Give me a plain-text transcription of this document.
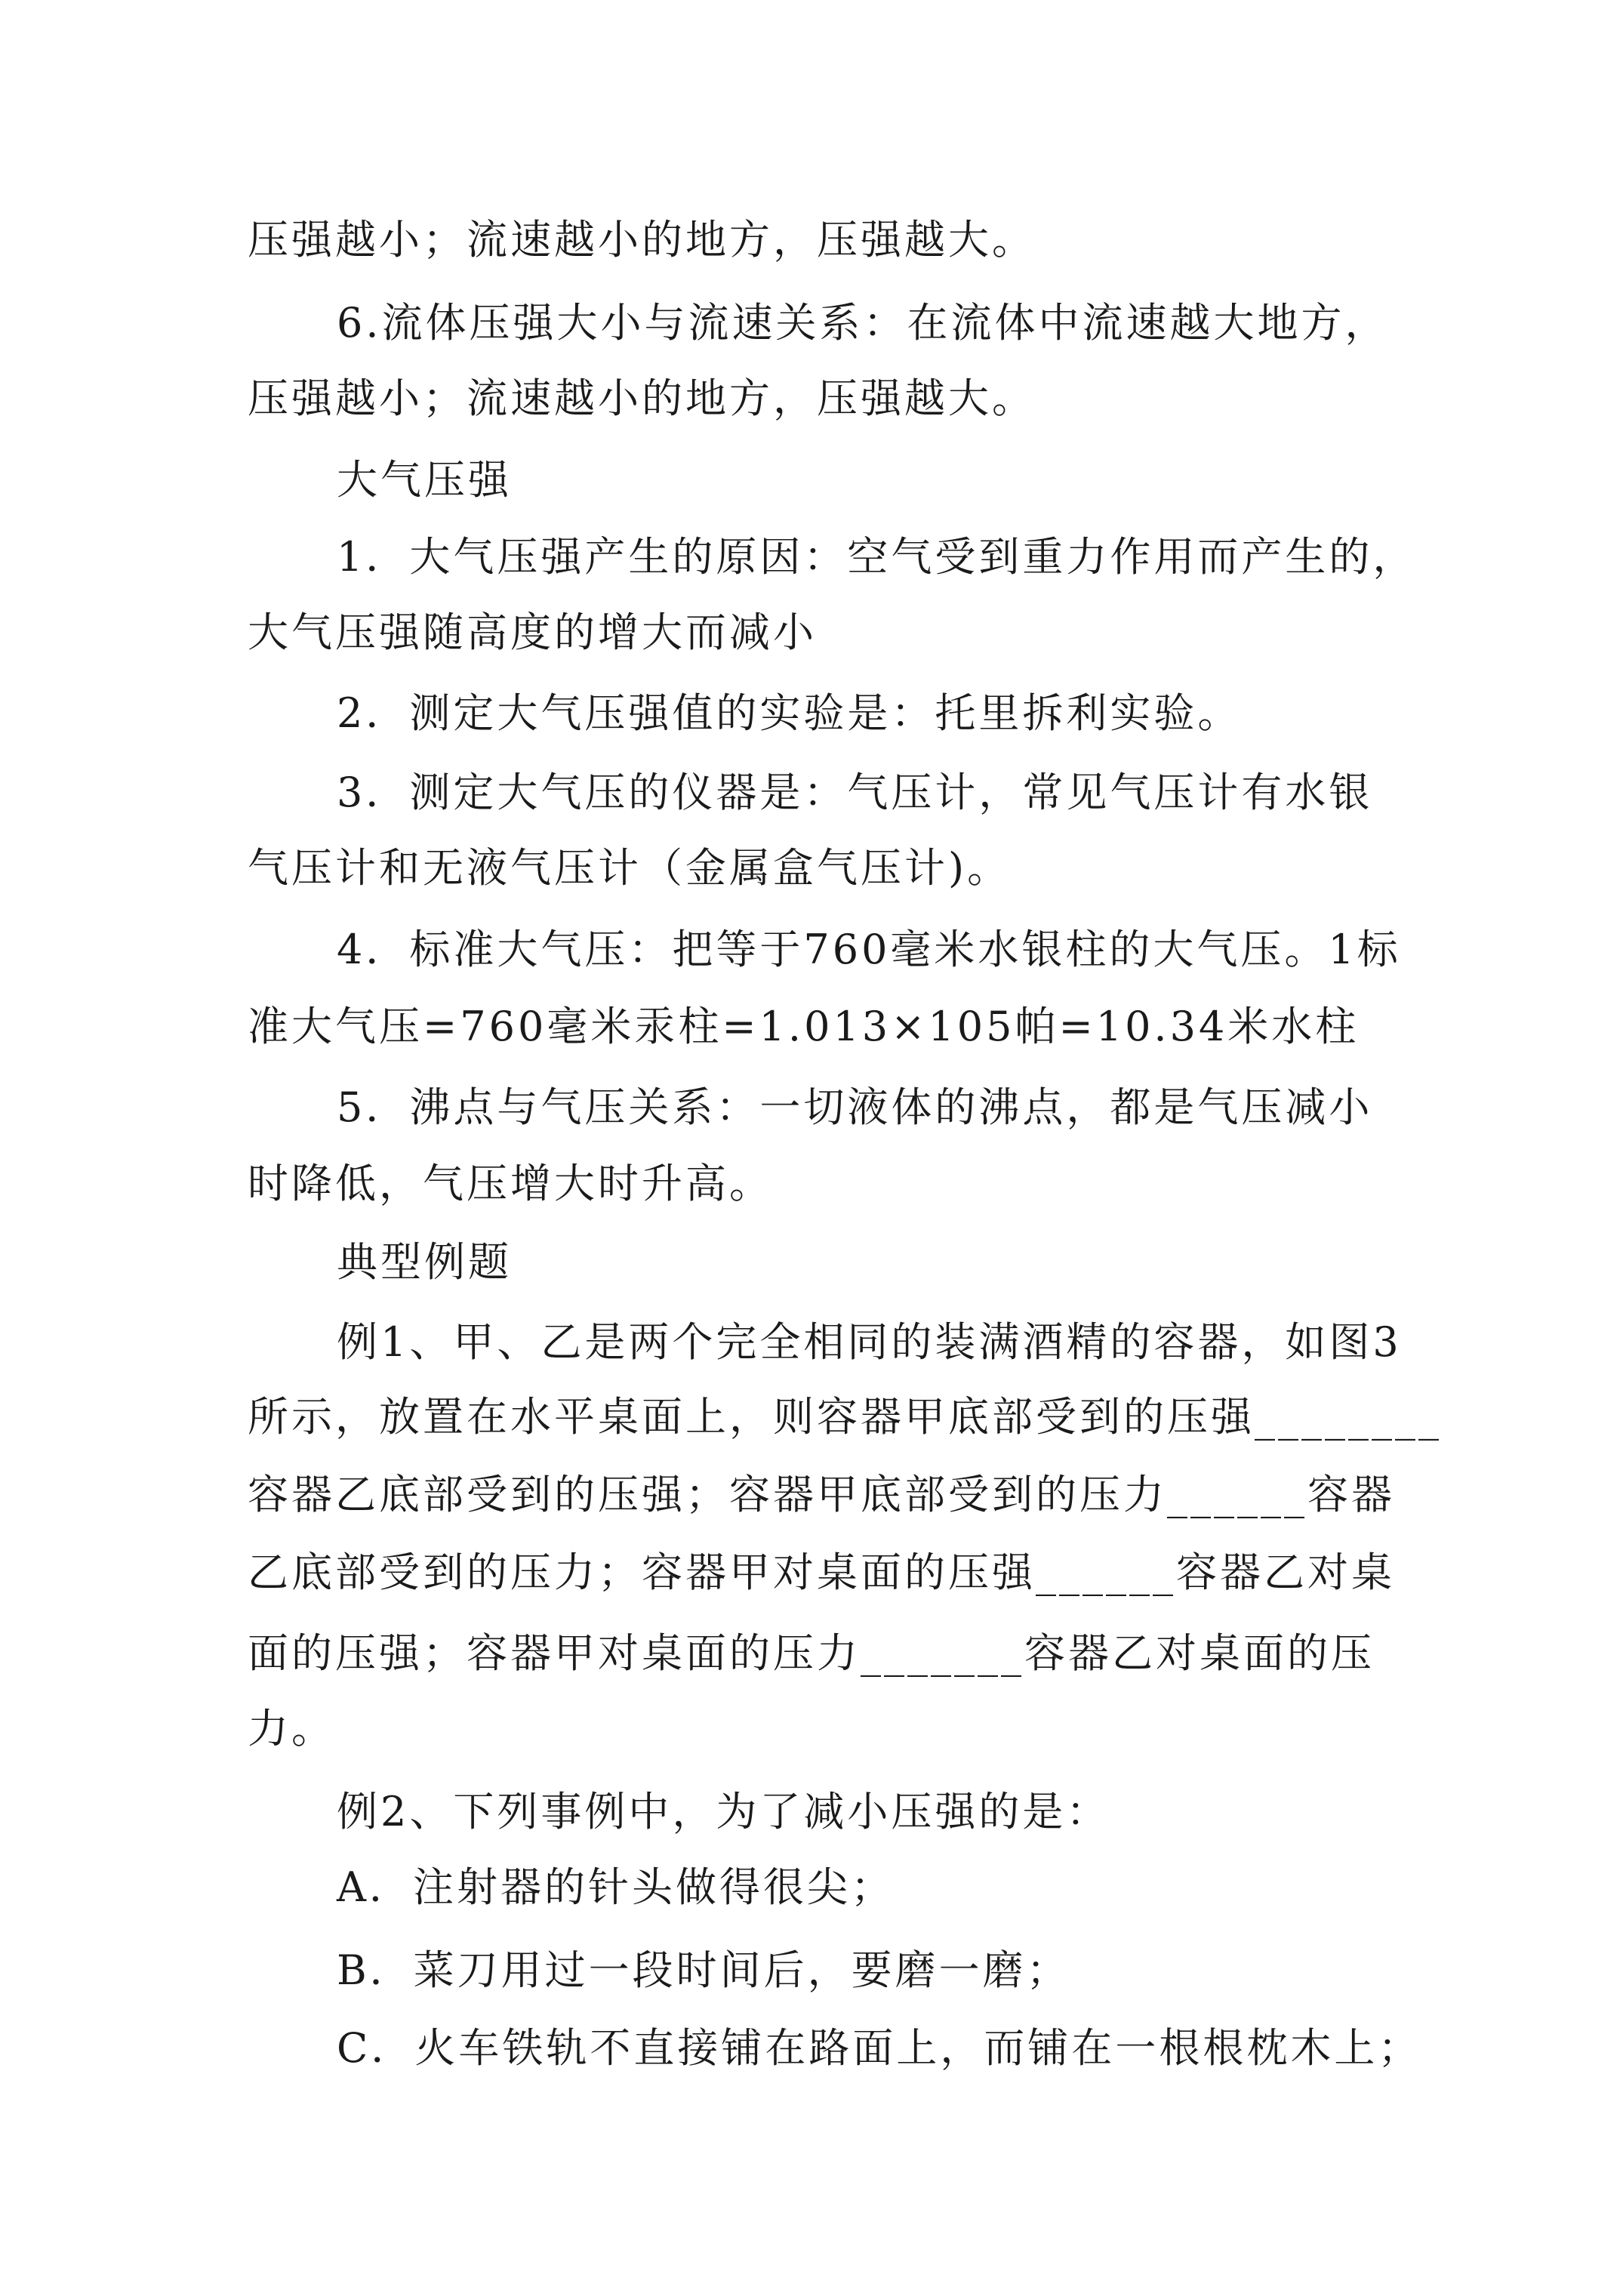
压强越小；流速越小的地方，压强越大。
6.流体压强大小与流速关系：在流体中流速越大地方，
压强越小；流速越小的地方，压强越大。
大气压强
1．大气压强产生的原因：空气受到重力作用而产生的，
大气压强随高度的增大而减小
2．测定大气压强值的实验是：托里拆利实验。
3．测定大气压的仪器是：气压计，常见气压计有水银
气压计和无液气压计（金属盒气压计)。
4．标准大气压：把等于760毫米水银柱的大气压。1标
准大气压=760毫米汞柱=1.013×105帕=10.34米水柱
5．沸点与气压关系：一切液体的沸点，都是气压减小
时降低，气压增大时升高。
典型例题
例1、甲、乙是两个完全相同的装满酒精的容器，如图3
所示，放置在水平桌面上，则容器甲底部受到的压强________
容器乙底部受到的压强；容器甲底部受到的压力______容器
乙底部受到的压力；容器甲对桌面的压强______容器乙对桌
面的压强；容器甲对桌面的压力_______容器乙对桌面的压
力。
例2、下列事例中，为了减小压强的是：
A．注射器的针头做得很尖；
B．菜刀用过一段时间后，要磨一磨；
C．火车铁轨不直接铺在路面上，而铺在一根根枕木上；
